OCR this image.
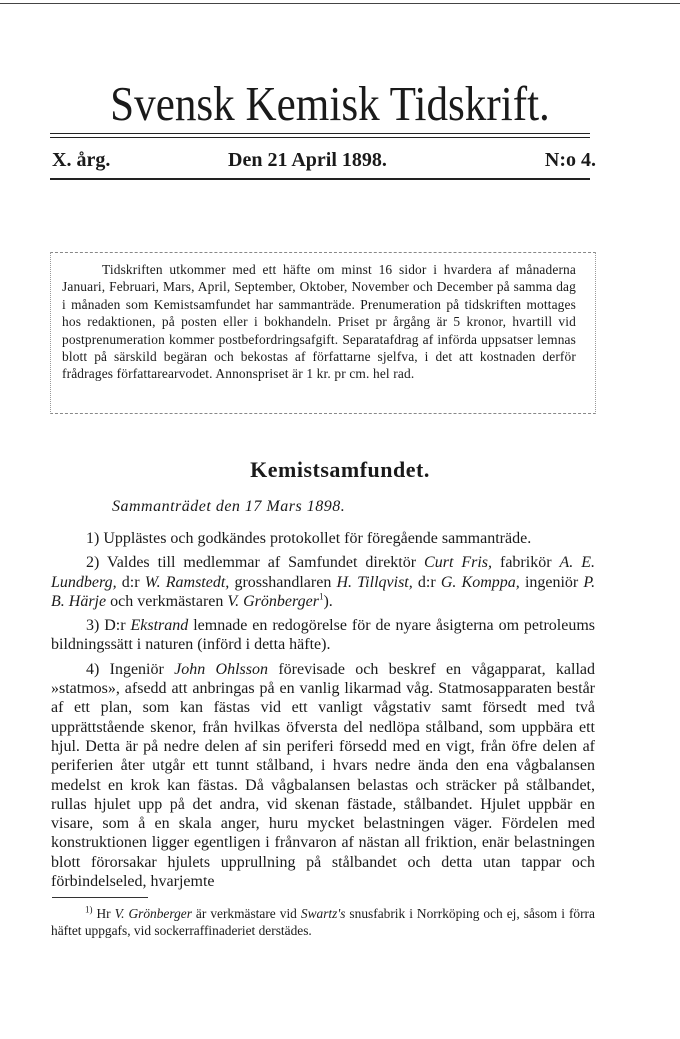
Svensk Kemisk Tidskrift.
X. årg.	Den 21 April 1898.	N:o 4.
Tidskriften utkommer med ett häfte om minst 16 sidor i hvardera af månaderna Januari, Februari, Mars, April, September, Oktober, November och December på samma dag i månaden som Kemistsamfundet har sammanträde. Prenumeration på tidskriften mottages hos redaktionen, på posten eller i bokhandeln. Priset pr årgång är 5 kronor, hvartill vid postprenumeration kommer postbefordringsafgift. Separatafdrag af införda uppsatser lemnas blott på särskild begäran och bekostas af författarne sjelfva, i det att kostnaden derför frådrages författarearvodet. Annonspriset är 1 kr. pr cm. hel rad.
Kemistsamfundet.
Sammanträdet den 17 Mars 1898.

1) Upplästes och godkändes protokollet för föregående sammanträde.

2) Valdes till medlemmar af Samfundet direktör Curt Fris, fabrikör A. E. Lundberg, d:r W. Ramstedt, grosshandlaren H. Tillqvist, d:r G. Komppa, ingeniör P. B. Härje och verkmästaren V. Grönberger$^1$).

3) D:r Ekstrand lemnade en redogörelse för de nyare åsigterna om petroleums bildningssätt i naturen (införd i detta häfte).

4) Ingeniör John Ohlsson förevisade och beskref en vågapparat, kallad »statmos», afsedd att anbringas på en vanlig likarmad våg. Statmosapparaten består af ett plan, som kan fästas vid ett vanligt vågstativ samt försedt med två upprättstående skenor, från hvilkas öfversta del nedlöpa stålband, som uppbära ett hjul. Detta är på nedre delen af sin periferi försedd med en vigt, från öfre delen af periferien åter utgår ett tunnt stålband, i hvars nedre ända den ena vågbalansen medelst en krok kan fästas. Då vågbalansen belastas och sträcker på stålbandet, rullas hjulet upp på det andra, vid skenan fästade, stålbandet. Hjulet uppbär en visare, som å en skala anger, huru mycket belastningen väger. Fördelen med konstruktionen ligger egentligen i frånvaron af nästan all friktion, enär belastningen blott förorsakar hjulets upprullning på stålbandet och detta utan tappar och förbindelseled, hvarjemte

$^{1)}$ Hr V. Grönberger är verkmästare vid Swartz's snusfabrik i Norrköping och ej, såsom i förra häftet uppgafs, vid sockerraffinaderiet derstädes.
